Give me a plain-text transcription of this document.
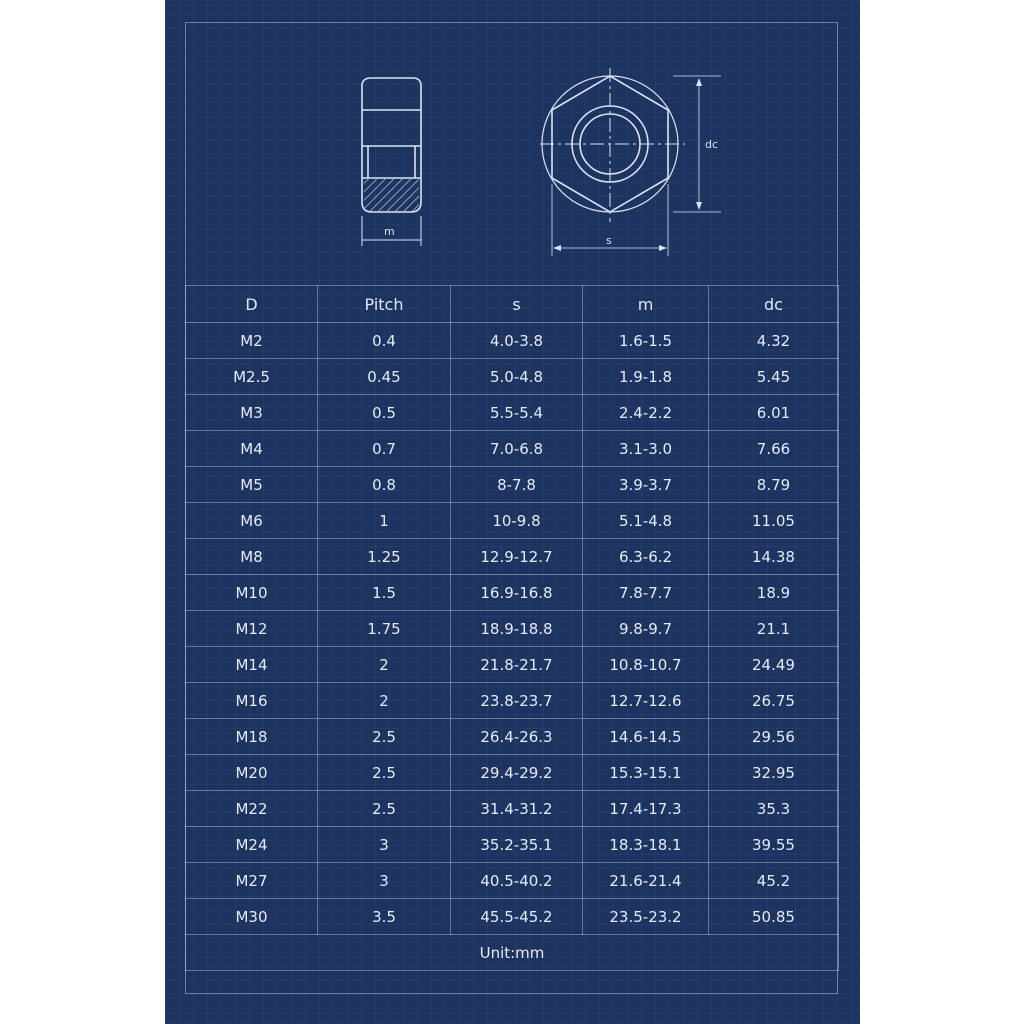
m
s
dc
D	Pitch	s	m	dc
M2	0.4	4.0-3.8	1.6-1.5	4.32
M2.5	0.45	5.0-4.8	1.9-1.8	5.45
M3	0.5	5.5-5.4	2.4-2.2	6.01
M4	0.7	7.0-6.8	3.1-3.0	7.66
M5	0.8	8-7.8	3.9-3.7	8.79
M6	1	10-9.8	5.1-4.8	11.05
M8	1.25	12.9-12.7	6.3-6.2	14.38
M10	1.5	16.9-16.8	7.8-7.7	18.9
M12	1.75	18.9-18.8	9.8-9.7	21.1
M14	2	21.8-21.7	10.8-10.7	24.49
M16	2	23.8-23.7	12.7-12.6	26.75
M18	2.5	26.4-26.3	14.6-14.5	29.56
M20	2.5	29.4-29.2	15.3-15.1	32.95
M22	2.5	31.4-31.2	17.4-17.3	35.3
M24	3	35.2-35.1	18.3-18.1	39.55
M27	3	40.5-40.2	21.6-21.4	45.2
M30	3.5	45.5-45.2	23.5-23.2	50.85
Unit:mm				
